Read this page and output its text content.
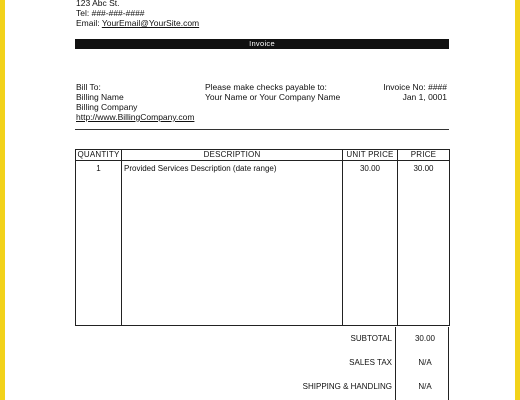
123 Abc St.
Tel: ###-###-####
Email: YourEmail@YourSite.com
Invoice
Bill To:
Billing Name
Billing Company
http://www.BillingCompany.com
Please make checks payable to:
Your Name or Your Company Name
Invoice No: ####
Jan 1, 0001
QUANTITY	DESCRIPTION	UNIT PRICE	PRICE
1	Provided Services Description (date range)	30.00	30.00
SUBTOTAL	30.00
SALES TAX	N/A
SHIPPING & HANDLING	N/A
